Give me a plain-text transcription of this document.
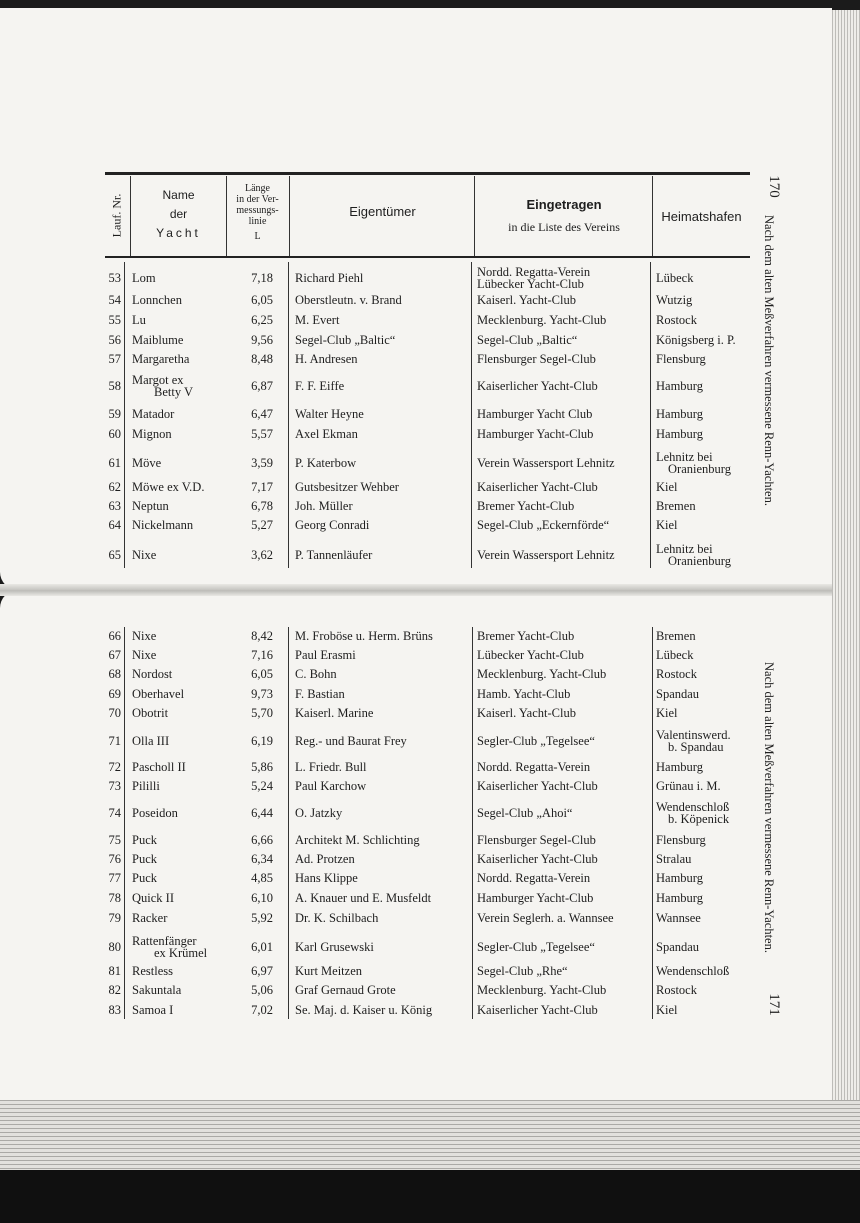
Lauf. Nr.	Name
der
Yacht
Länge
in der Ver-
messungs-
linie
L
Eigentümer	Eingetragen
in die Liste des Vereins
Heimatshafen
53 Lom	7,18 Richard Piehl	Nordd. Regatta-Verein	Lübeck
Lübecker Yacht-Club
54 Lonnchen	6,05 Oberstleutn. v. Brand	Kaiserl. Yacht-Club	Wutzig
55 Lu	6,25 M. Evert	Mecklenburg. Yacht-Club	Rostock
56 Maiblume	9,56 Segel-Club „Baltic“	Segel-Club „Baltic“	Königsberg i. P.
57 Margaretha	8,48 H. Andresen	Flensburger Segel-Club	Flensburg
58 Margot ex	6,87 F. F. Eiffe	Kaiserlicher Yacht-Club	Hamburg
Betty V
59 Matador	6,47 Walter Heyne	Hamburger Yacht Club	Hamburg
60 Mignon	5,57 Axel Ekman	Hamburger Yacht-Club	Hamburg
61 Möve	3,59 P. Katerbow	Verein Wassersport Lehnitz	Lehnitz bei
Oranienburg
62 Möwe ex V.D.	7,17 Gutsbesitzer Wehber	Kaiserlicher Yacht-Club	Kiel
63 Neptun	6,78 Joh. Müller	Bremer Yacht-Club	Bremen
64 Nickelmann	5,27 Georg Conradi	Segel-Club „Eckernförde“	Kiel
65 Nixe	3,62 P. Tannenläufer	Verein Wassersport Lehnitz	Lehnitz bei
Oranienburg
66 Nixe	8,42 M. Froböse u. Herm. Brüns	Bremer Yacht-Club	Bremen
67 Nixe	7,16 Paul Erasmi	Lübecker Yacht-Club	Lübeck
68 Nordost	6,05 C. Bohn	Mecklenburg. Yacht-Club	Rostock
69 Oberhavel	9,73 F. Bastian	Hamb. Yacht-Club	Spandau
70 Obotrit	5,70 Kaiserl. Marine	Kaiserl. Yacht-Club	Kiel
71 Olla III	6,19 Reg.- und Baurat Frey	Segler-Club „Tegelsee“	Valentinswerd.
b. Spandau
72 Pascholl II	5,86 L. Friedr. Bull	Nordd. Regatta-Verein	Hamburg
73 Pililli	5,24 Paul Karchow	Kaiserlicher Yacht-Club	Grünau i. M.
74 Poseidon	6,44 O. Jatzky	Segel-Club „Ahoi“	Wendenschloß
b. Köpenick
75 Puck	6,66 Architekt M. Schlichting	Flensburger Segel-Club	Flensburg
76 Puck	6,34 Ad. Protzen	Kaiserlicher Yacht-Club	Stralau
77 Puck	4,85 Hans Klippe	Nordd. Regatta-Verein	Hamburg
78 Quick II	6,10 A. Knauer und E. Musfeldt	Hamburger Yacht-Club	Hamburg
79 Racker	5,92 Dr. K. Schilbach	Verein Seglerh. a. Wannsee	Wannsee
80 Rattenfänger	6,01 Karl Grusewski	Segler-Club „Tegelsee“	Spandau
ex Krümel
81 Restless	6,97 Kurt Meitzen	Segel-Club „Rhe“	Wendenschloß
82 Sakuntala	5,06 Graf Gernaud Grote	Mecklenburg. Yacht-Club	Rostock
83 Samoa I	7,02 Se. Maj. d. Kaiser u. König	Kaiserlicher Yacht-Club	Kiel
170
Nach dem alten Meßverfahren vermessene Renn-Yachten.
Nach dem alten Meßverfahren vermessene Renn-Yachten.
171
